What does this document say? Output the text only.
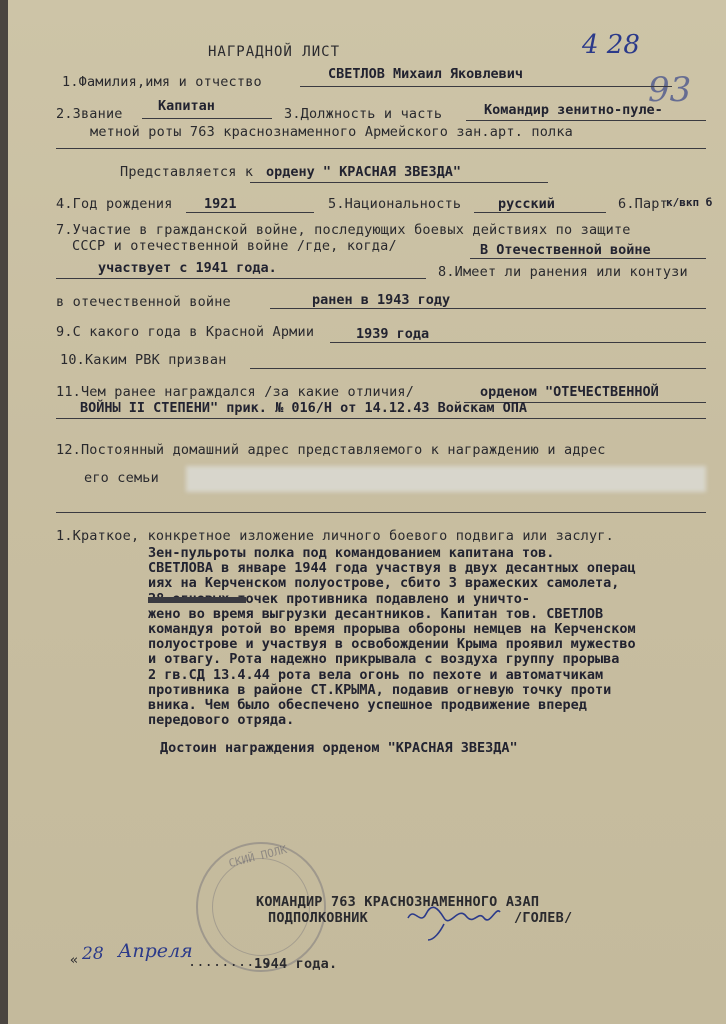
НАГРАДНОЙ ЛИСТ	4 28
93
1.Фамилия,имя и отчество	СВЕТЛОВ Михаил Яковлевич
2.Звание	Капитан	3.Должность и часть	Командир зенитно-пуле-
метной роты 763 краснознаменного Армейского зан.арт. полка
Представляется к ордену " КРАСНАЯ ЗВЕЗДА"
4.Год рождения 1921	5.Национальность	русский	6.Парт
к/вкп б
7.Участие в гражданской войне, последующих боевых действиях по защите
СССР и отечественной войне /где, когда/	В Отечественной войне
участвует с 1941 года.	8.Имеет ли ранения или контузи
в отечественной войне	ранен в 1943 году
9.С какого года в Красной Армии	1939 года
10.Каким РВК призван
11.Чем ранее награждался /за какие отличия/	орденом "ОТЕЧЕСТВЕННОЙ
ВОЙНЫ II СТЕПЕНИ" прик. № 016/Н от 14.12.43 Войскам ОПА
12.Постоянный домашний адрес представляемого к награждению и адрес
его семьи
1.Краткое, конкретное изложение личного боевого подвига или заслуг.
Зен-пульроты полка под командованием капитана тов.
СВЕТЛОВА в январе 1944 года участвуя в двух десантных операц
иях на Керченском полуострове, сбито 3 вражеских самолета,
28 огневых точек противника подавлено и уничто-
жено во время выгрузки десантников. Капитан тов. СВЕТЛОВ
командуя ротой во время прорыва обороны немцев на Керченском
полуострове и участвуя в освобождении Крыма проявил мужество
и отвагу. Рота надежно прикрывала с воздуха группу прорыва
2 гв.СД 13.4.44 рота вела огонь по пехоте и автоматчикам
противника в районе СТ.КРЫМА, подавив огневую точку проти
вника. Чем было обеспечено успешное продвижение вперед
передового отряда.
Достоин награждения орденом "КРАСНАЯ ЗВЕЗДА"
СКИЙ ПОЛК
КОМАНДИР 763 КРАСНОЗНАМЕННОГО АЗАП
ПОДПОЛКОВНИК	/ГОЛЕВ/
« 28 Апреля
..........
1944 года.
